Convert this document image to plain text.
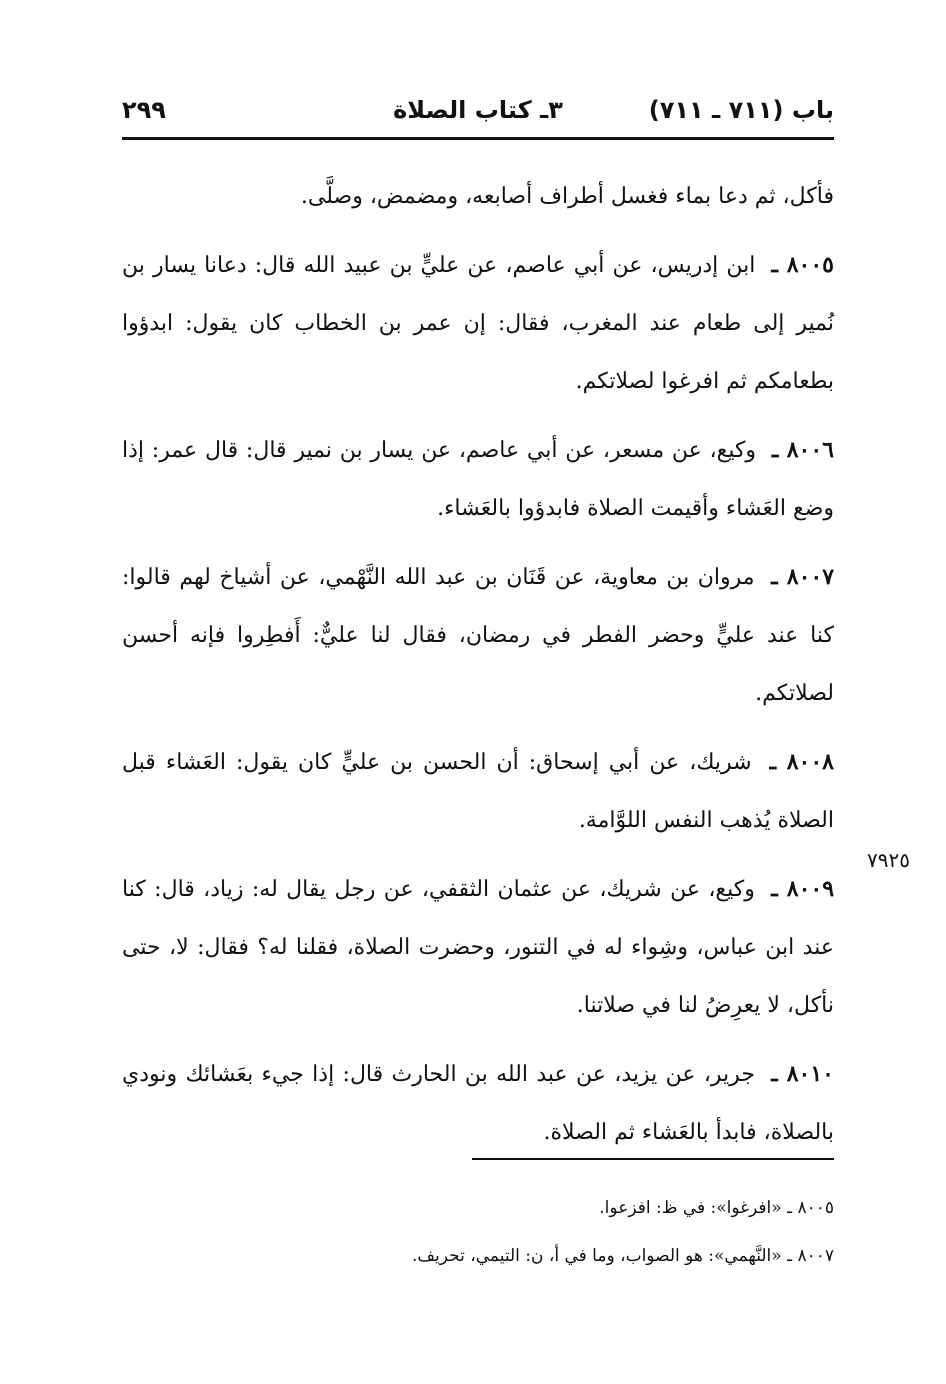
باب (٧١١ ـ ٧١١)
٣ـ كتاب الصلاة
٢٩٩
٧٩٢٥

فأكل، ثم دعا بماء فغسل أطراف أصابعه، ومضمض، وصلَّى.

٨٠٠٥ ـ ابن إدريس، عن أبي عاصم، عن عليٍّ بن عبيد الله قال: دعانا يسار بن نُمير إلى طعام عند المغرب، فقال: إن عمر بن الخطاب كان يقول: ابدؤوا بطعامكم ثم افرغوا لصلاتكم.

٨٠٠٦ ـ وكيع، عن مسعر، عن أبي عاصم، عن يسار بن نمير قال: قال عمر: إذا وضع العَشاء وأقيمت الصلاة فابدؤوا بالعَشاء.

٨٠٠٧ ـ مروان بن معاوية، عن قَنَان بن عبد الله النَّهْمي، عن أشياخ لهم قالوا: كنا عند عليٍّ وحضر الفطر في رمضان، فقال لنا عليٌّ: أَفطِروا فإنه أحسن لصلاتكم.

٨٠٠٨ ـ شريك، عن أبي إسحاق: أن الحسن بن عليٍّ كان يقول: العَشاء قبل الصلاة يُذهب النفس اللوَّامة.

٨٠٠٩ ـ وكيع، عن شريك، عن عثمان الثقفي، عن رجل يقال له: زياد، قال: كنا عند ابن عباس، وشِواء له في التنور، وحضرت الصلاة، فقلنا له؟ فقال: لا، حتى نأكل، لا يعرِضُ لنا في صلاتنا.

٨٠١٠ ـ جرير، عن يزيد، عن عبد الله بن الحارث قال: إذا جيء بعَشائك ونودي بالصلاة، فابدأ بالعَشاء ثم الصلاة.

٨٠٠٥ ـ «افرغوا»: في ظ: افزعوا.

٨٠٠٧ ـ «النَّهمي»: هو الصواب، وما في أ، ن: التيمي، تحريف.
